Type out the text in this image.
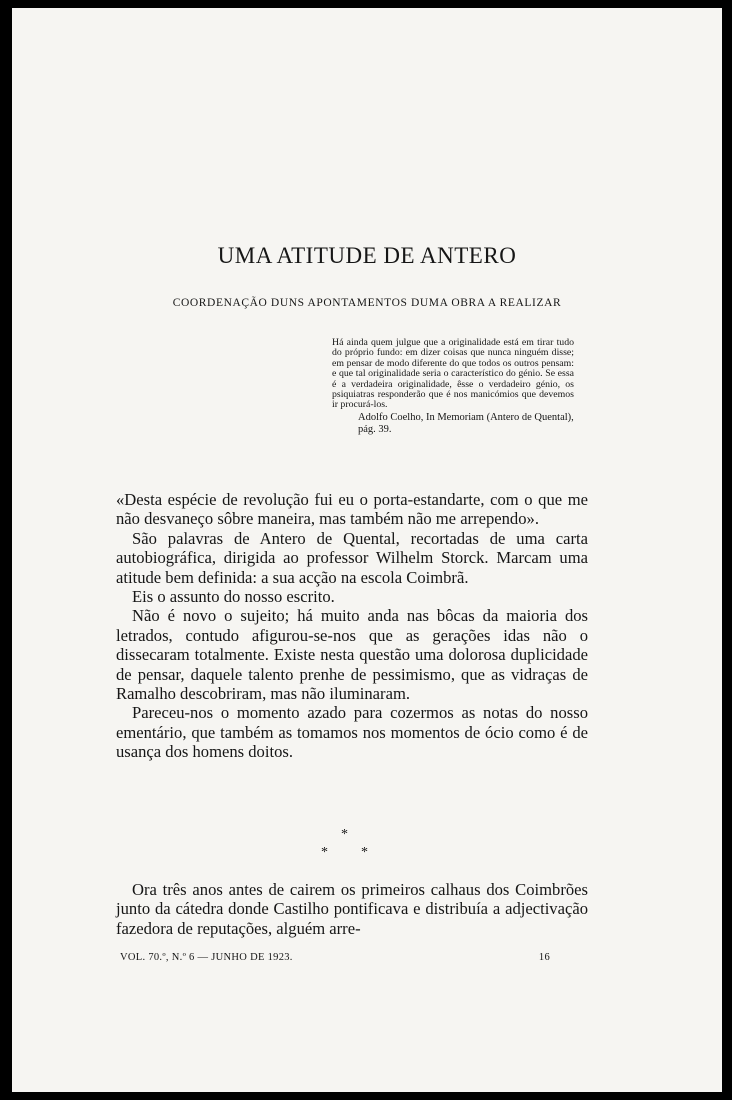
UMA ATITUDE DE ANTERO
COORDENAÇÃO DUNS APONTAMENTOS DUMA OBRA A REALIZAR

Há ainda quem julgue que a originalidade está em tirar tudo do próprio fundo: em dizer coisas que nunca ninguém disse; em pensar de modo diferente do que todos os outros pensam: e que tal originalidade seria o característico do génio. Se essa é a verdadeira originalidade, êsse o verdadeiro génio, os psiquiatras responderão que é nos manicómios que devemos ir procurá-los.

Adolfo Coelho, In Memoriam (Antero de Quental), pág. 39.

«Desta espécie de revolução fui eu o porta-estandarte, com o que me não desvaneço sôbre maneira, mas também não me arrependo».

São palavras de Antero de Quental, recortadas de uma carta autobiográfica, dirigida ao professor Wilhelm Storck. Marcam uma atitude bem definida: a sua acção na escola Coimbrã.

Eis o assunto do nosso escrito.

Não é novo o sujeito; há muito anda nas bôcas da maioria dos letrados, contudo afigurou-se-nos que as gerações idas não o dissecaram totalmente. Existe nesta questão uma dolorosa duplicidade de pensar, daquele talento prenhe de pessimismo, que as vidraças de Ramalho descobriram, mas não iluminaram.

Pareceu-nos o momento azado para cozermos as notas do nosso ementário, que também as tomamos nos momentos de ócio como é de usança dos homens doitos.

*
* *

Ora três anos antes de cairem os primeiros calhaus dos Coimbrões junto da cátedra donde Castilho pontificava e distribuía a adjectivação fazedora de reputações, alguém arre-

VOL. 70.º, N.º 6 — JUNHO DE 1923.	16
